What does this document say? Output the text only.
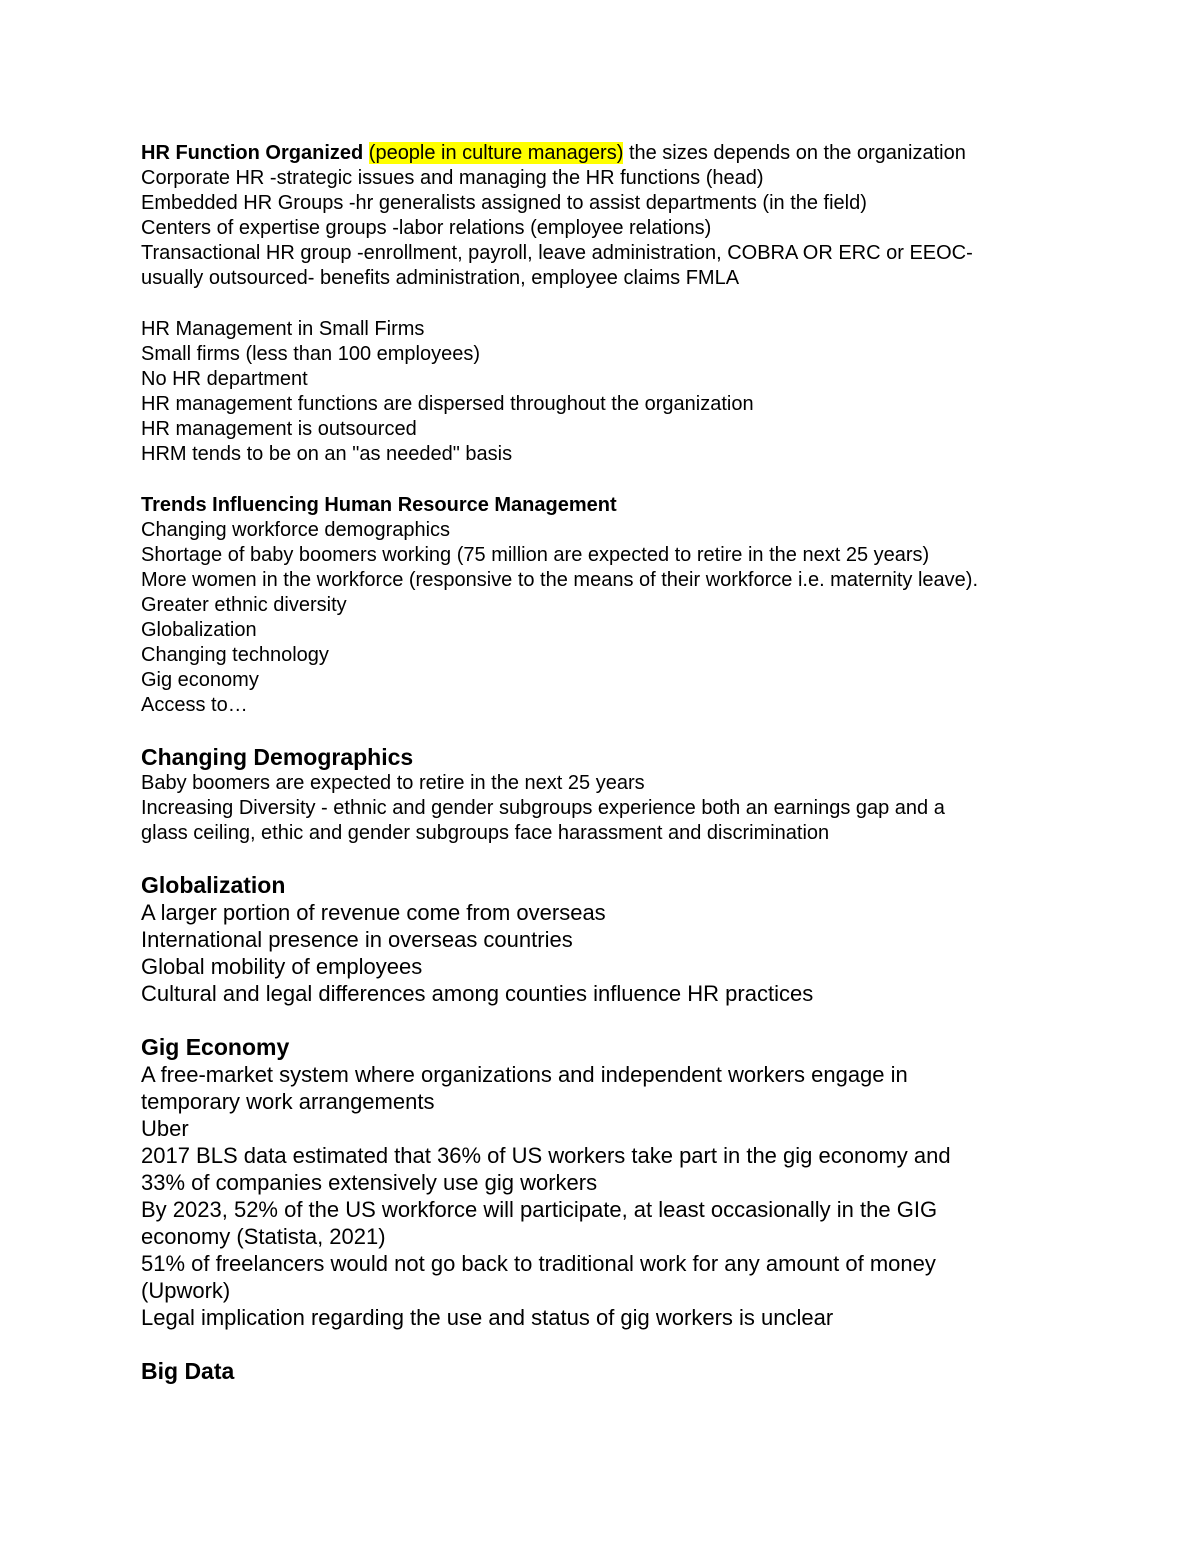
HR Function Organized (people in culture managers) the sizes depends on the organization
Corporate HR -strategic issues and managing the HR functions (head)
Embedded HR Groups -hr generalists assigned to assist departments (in the field)
Centers of expertise groups -labor relations (employee relations)
Transactional HR group -enrollment, payroll, leave administration, COBRA OR ERC or EEOC-
usually outsourced- benefits administration, employee claims FMLA
HR Management in Small Firms
Small firms (less than 100 employees)
No HR department
HR management functions are dispersed throughout the organization
HR management is outsourced
HRM tends to be on an "as needed" basis
Trends Influencing Human Resource Management
Changing workforce demographics
Shortage of baby boomers working (75 million are expected to retire in the next 25 years)
More women in the workforce (responsive to the means of their workforce i.e. maternity leave).
Greater ethnic diversity
Globalization
Changing technology
Gig economy
Access to…
Changing Demographics
Baby boomers are expected to retire in the next 25 years
Increasing Diversity - ethnic and gender subgroups experience both an earnings gap and a
glass ceiling, ethic and gender subgroups face harassment and discrimination
Globalization
A larger portion of revenue come from overseas
International presence in overseas countries
Global mobility of employees
Cultural and legal differences among counties influence HR practices
Gig Economy
A free-market system where organizations and independent workers engage in
temporary work arrangements
Uber
2017 BLS data estimated that 36% of US workers take part in the gig economy and
33% of companies extensively use gig workers
By 2023, 52% of the US workforce will participate, at least occasionally in the GIG
economy (Statista, 2021)
51% of freelancers would not go back to traditional work for any amount of money
(Upwork)
Legal implication regarding the use and status of gig workers is unclear
Big Data
